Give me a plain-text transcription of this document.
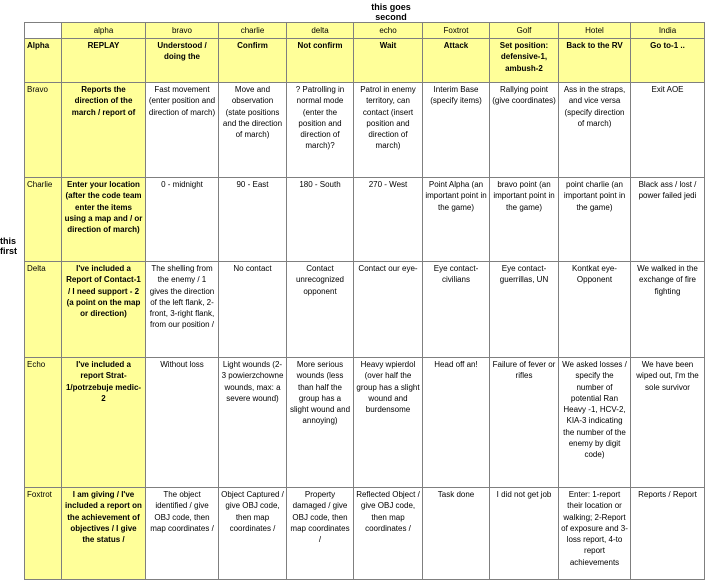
this goes second
this first
	alpha	bravo	charlie	delta	echo	Foxtrot	Golf	Hotel	India
Alpha	REPLAY	Understood / doing the	Confirm	Not confirm	Wait	Attack	Set position: defensive-1, ambush-2	Back to the RV	Go to-1 ..
Bravo	Reports the direction of the march / report of	Fast movement (enter position and direction of march)	Move and observation (state positions and the direction of march)	? Patrolling in normal mode (enter the position and direction of march)?	Patrol in enemy territory, can contact (insert position and direction of march)	Interim Base (specify items)	Rallying point (give coordinates)	Ass in the straps, and vice versa (specify direction of march)	Exit AOE
Charlie	Enter your location (after the code team enter the items using a map and / or direction of march)	0 - midnight	90 - East	180 - South	270 - West	Point Alpha (an important point in the game)	bravo point (an important point in the game)	point charlie (an important point in the game)	Black ass / lost / power failed jedi
Delta	I've included a Report of Contact-1 / I need support - 2 (a point on the map or direction)	The shelling from the enemy / 1 gives the direction of the left flank, 2-front, 3-right flank, from our position /	No contact	Contact unrecognized opponent	Contact our eye-	Eye contact-civilians	Eye contact-guerrillas, UN	Kontkat eye-Opponent	We walked in the exchange of fire fighting
Echo	I've included a report Strat-1/potrzebuje medic-2	Without loss	Light wounds (2-3 powierzchowne wounds, max: a severe wound)	More serious wounds (less than half the group has a slight wound and annoying)	Heavy wpierdol (over half the group has a slight wound and burdensome	Head off an!	Failure of fever or rifles	We asked losses / specify the number of potential Ran Heavy -1, HCV-2, KIA-3 indicating the number of the enemy by digit code)	We have been wiped out, I'm the sole survivor
Foxtrot	I am giving / I've included a report on the achievement of objectives / I give the status /	The object identified / give OBJ code, then map coordinates /	Object Captured / give OBJ code, then map coordinates /	Property damaged / give OBJ code, then map coordinates /	Reflected Object / give OBJ code, then map coordinates /	Task done	I did not get job	Enter: 1-report their location or walking; 2-Report of exposure and 3-loss report, 4-to report achievements	Reports / Report
